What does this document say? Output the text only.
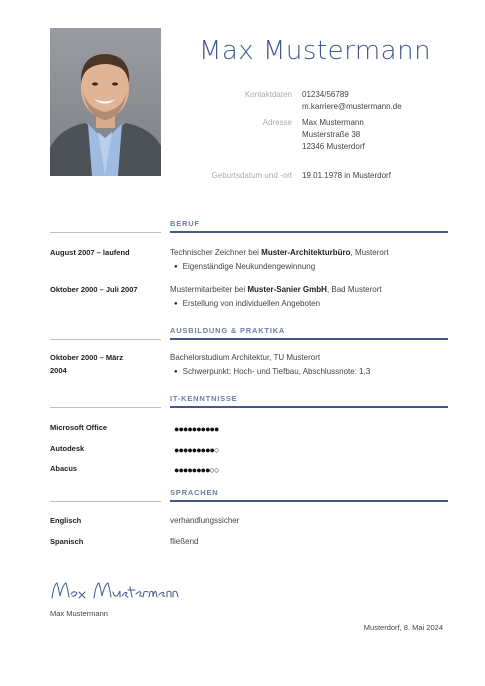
Max Mustermann
Kontaktdaten 01234/56789
m.karriere@mustermann.de
Adresse Max Mustermann
Musterstraße 38
12346 Musterdorf
Geburtsdatum und -ort 19.01.1978 in Musterdorf
BERUF
August 2007 – laufend	Technischer Zeichner bei Muster-Architekturbüro, Musterort
● Eigenständige Neukundengewinnung
Oktober 2000 – Juli 2007	Mustermitarbeiter bei Muster-Sanier GmbH, Bad Musterort
● Erstellung von individuellen Angeboten
AUSBILDUNG & PRAKTIKA
Oktober 2000 – März
2004
Bachelorstudium Architektur, TU Musterort
● Schwerpunkt: Hoch- und Tiefbau, Abschlussnote: 1,3
IT-KENNTNISSE
Microsoft Office	●●●●●●●●●●
Autodesk	●●●●●●●●●○
Abacus	●●●●●●●●○○
SPRACHEN
Englisch	verhandlungssicher
Spanisch	fließend
Max Mustermann
Musterdorf, 8. Mai 2024
